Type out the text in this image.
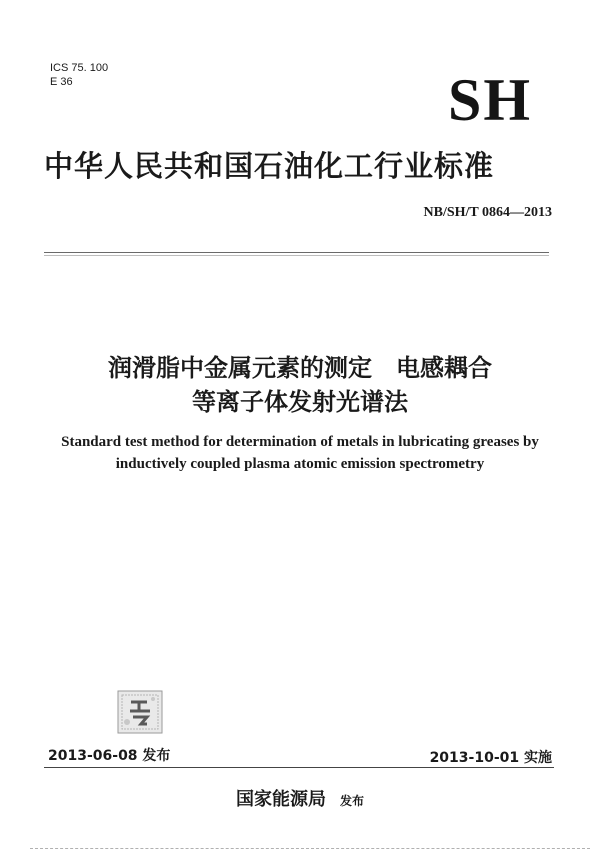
ICS 75. 100
E 36	SH
中华人民共和国石油化工行业标准
NB/SH/T 0864—2013
润滑脂中金属元素的测定　电感耦合
等离子体发射光谱法
Standard test method for determination of metals in lubricating greases by
inductively coupled plasma atomic emission spectrometry
2013-06-08 发布	2013-10-01 实施
国家能源局 发布
